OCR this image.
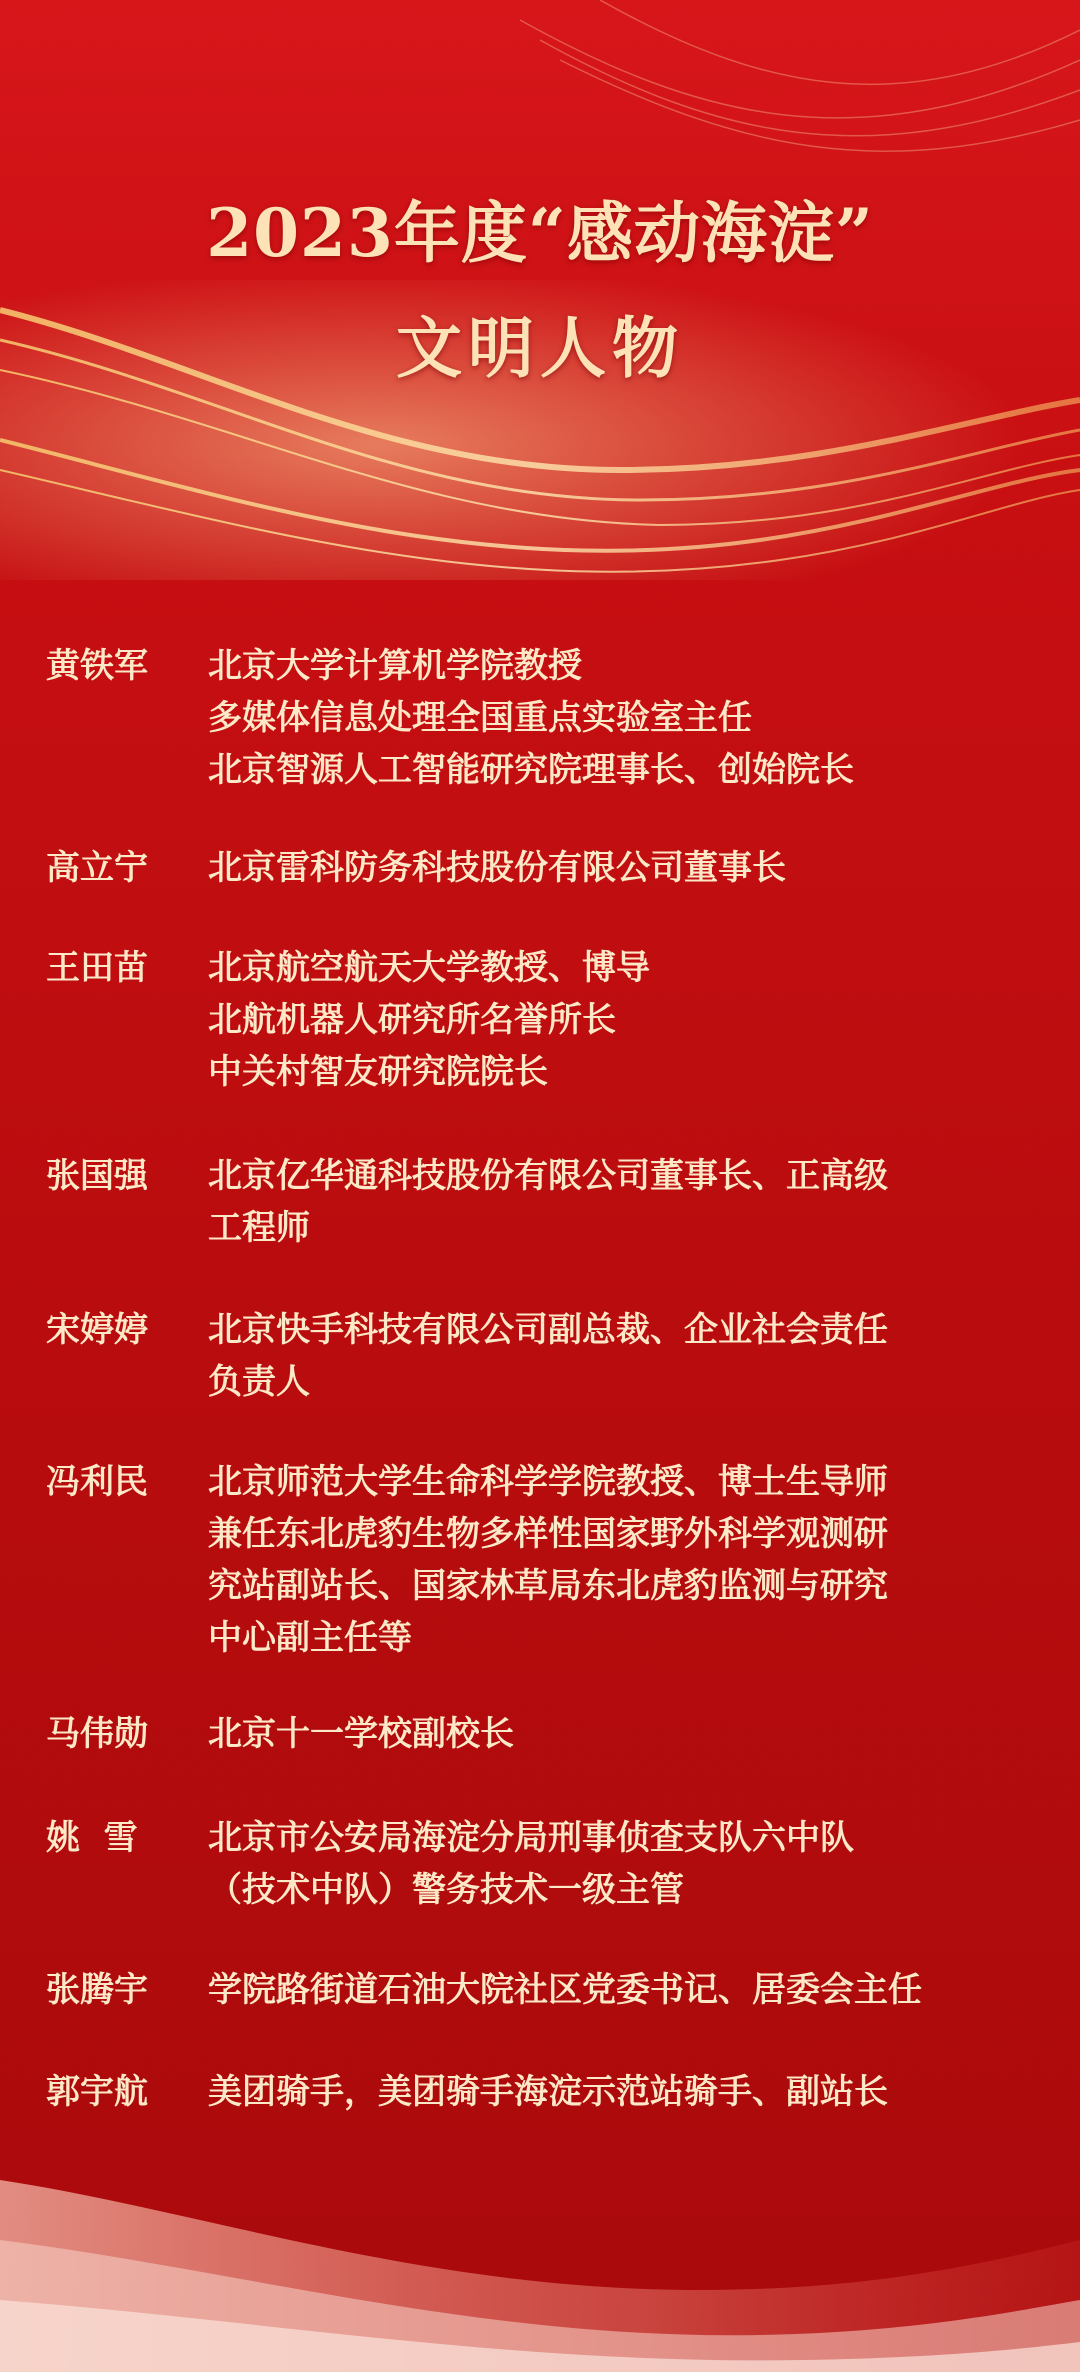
2023年度“感动海淀”
文明人物
黄铁军	北京大学计算机学院教授
多媒体信息处理全国重点实验室主任
北京智源人工智能研究院理事长、创始院长
高立宁	北京雷科防务科技股份有限公司董事长
王田苗	北京航空航天大学教授、博导
北航机器人研究所名誉所长
中关村智友研究院院长
张国强	北京亿华通科技股份有限公司董事长、正高级
工程师
宋婷婷	北京快手科技有限公司副总裁、企业社会责任
负责人
冯利民	北京师范大学生命科学学院教授、博士生导师
兼任东北虎豹生物多样性国家野外科学观测研
究站副站长、国家林草局东北虎豹监测与研究
中心副主任等
马伟勋	北京十一学校副校长
姚  雪	北京市公安局海淀分局刑事侦查支队六中队
（技术中队）警务技术一级主管
张腾宇	学院路街道石油大院社区党委书记、居委会主任
郭宇航	美团骑手，美团骑手海淀示范站骑手、副站长
